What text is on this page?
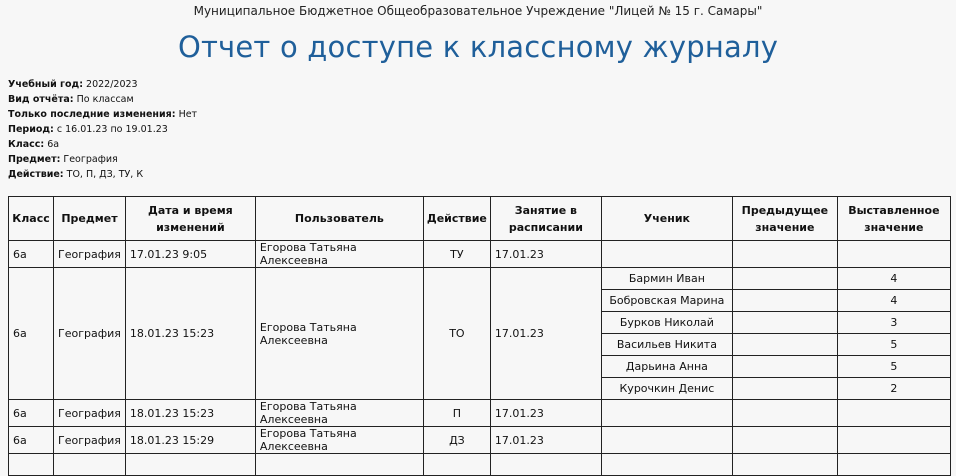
Муниципальное Бюджетное Общеобразовательное Учреждение "Лицей № 15 г. Самары"
Отчет о доступе к классному журналу
Учебный год: 2022/2023
Вид отчёта: По классам
Только последние изменения: Нет
Период: с 16.01.23 по 19.01.23
Класс: 6а
Предмет: География
Действие: ТО, П, ДЗ, ТУ, К
Класс	Предмет	Дата и время изменений	Пользователь	Действие	Занятие в расписании	Ученик	Предыдущее значение	Выставленное значение
6а	География	17.01.23 9:05	Егорова Татьяна Алексеевна	ТУ	17.01.23			
6а	География	18.01.23 15:23	Егорова Татьяна Алексеевна	ТО	17.01.23	Бармин Иван		4
						Бобровская Марина		4
						Бурков Николай		3
						Васильев Никита		5
						Дарьина Анна		5
						Курочкин Денис		2
6а	География	18.01.23 15:23	Егорова Татьяна Алексеевна	П	17.01.23			
6а	География	18.01.23 15:29	Егорова Татьяна Алексеевна	ДЗ	17.01.23			
